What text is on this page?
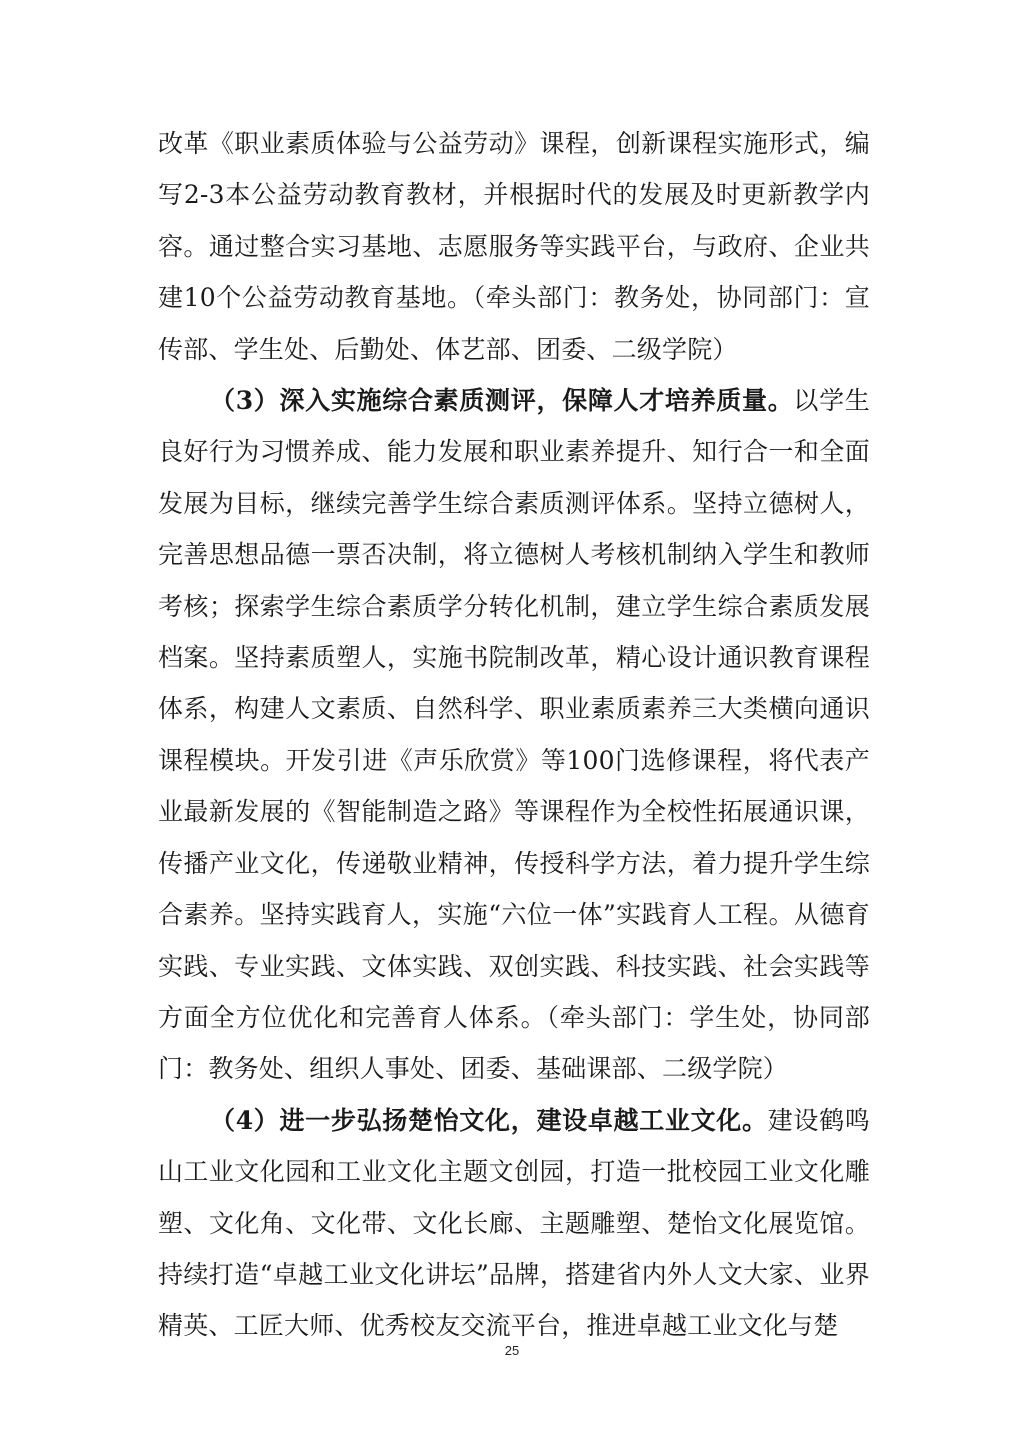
改革《职业素质体验与公益劳动》课程，创新课程实施形式，编写2-3本公益劳动教育教材，并根据时代的发展及时更新教学内容。通过整合实习基地、志愿服务等实践平台，与政府、企业共建10个公益劳动教育基地。（牵头部门：教务处，协同部门：宣传部、学生处、后勤处、体艺部、团委、二级学院）

（3）深入实施综合素质测评，保障人才培养质量。以学生良好行为习惯养成、能力发展和职业素养提升、知行合一和全面发展为目标，继续完善学生综合素质测评体系。坚持立德树人，完善思想品德一票否决制，将立德树人考核机制纳入学生和教师考核；探索学生综合素质学分转化机制，建立学生综合素质发展档案。坚持素质塑人，实施书院制改革，精心设计通识教育课程体系，构建人文素质、自然科学、职业素质素养三大类横向通识课程模块。开发引进《声乐欣赏》等100门选修课程，将代表产业最新发展的《智能制造之路》等课程作为全校性拓展通识课，传播产业文化，传递敬业精神，传授科学方法，着力提升学生综合素养。坚持实践育人，实施“六位一体”实践育人工程。从德育实践、专业实践、文体实践、双创实践、科技实践、社会实践等方面全方位优化和完善育人体系。（牵头部门：学生处，协同部门：教务处、组织人事处、团委、基础课部、二级学院）

（4）进一步弘扬楚怡文化，建设卓越工业文化。建设鹤鸣山工业文化园和工业文化主题文创园，打造一批校园工业文化雕塑、文化角、文化带、文化长廊、主题雕塑、楚怡文化展览馆。持续打造“卓越工业文化讲坛”品牌，搭建省内外人文大家、业界精英、工匠大师、优秀校友交流平台，推进卓越工业文化与楚

25
